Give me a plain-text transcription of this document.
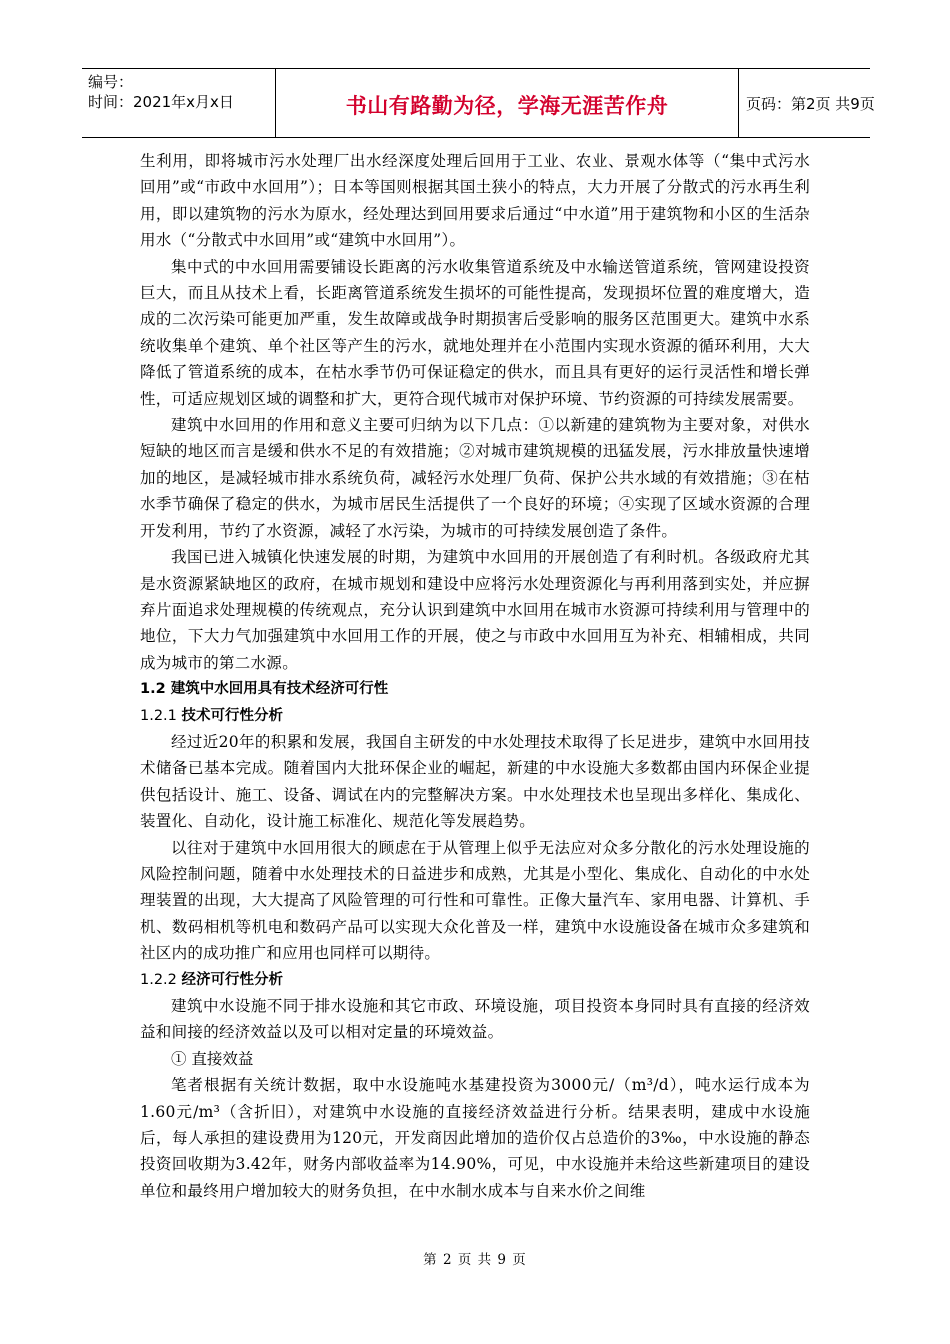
编号：
时间：2021年x月x日	书山有路勤为径，学海无涯苦作舟	页码：第2页 共9页

生利用，即将城市污水处理厂出水经深度处理后回用于工业、农业、景观水体等（“集中式污水回用”或“市政中水回用”）；日本等国则根据其国土狭小的特点，大力开展了分散式的污水再生利用，即以建筑物的污水为原水，经处理达到回用要求后通过“中水道”用于建筑物和小区的生活杂用水（“分散式中水回用”或“建筑中水回用”）。

集中式的中水回用需要铺设长距离的污水收集管道系统及中水输送管道系统，管网建设投资巨大，而且从技术上看，长距离管道系统发生损坏的可能性提高，发现损坏位置的难度增大，造成的二次污染可能更加严重，发生故障或战争时期损害后受影响的服务区范围更大。建筑中水系统收集单个建筑、单个社区等产生的污水，就地处理并在小范围内实现水资源的循环利用，大大降低了管道系统的成本，在枯水季节仍可保证稳定的供水，而且具有更好的运行灵活性和增长弹性，可适应规划区域的调整和扩大，更符合现代城市对保护环境、节约资源的可持续发展需要。

建筑中水回用的作用和意义主要可归纳为以下几点：①以新建的建筑物为主要对象，对供水短缺的地区而言是缓和供水不足的有效措施；②对城市建筑规模的迅猛发展，污水排放量快速增加的地区，是减轻城市排水系统负荷，减轻污水处理厂负荷、保护公共水域的有效措施；③在枯水季节确保了稳定的供水，为城市居民生活提供了一个良好的环境；④实现了区域水资源的合理开发利用，节约了水资源，减轻了水污染，为城市的可持续发展创造了条件。

我国已进入城镇化快速发展的时期，为建筑中水回用的开展创造了有利时机。各级政府尤其是水资源紧缺地区的政府，在城市规划和建设中应将污水处理资源化与再利用落到实处，并应摒弃片面追求处理规模的传统观点，充分认识到建筑中水回用在城市水资源可持续利用与管理中的地位，下大力气加强建筑中水回用工作的开展，使之与市政中水回用互为补充、相辅相成，共同成为城市的第二水源。

1.2 建筑中水回用具有技术经济可行性

1.2.1 技术可行性分析

经过近20年的积累和发展，我国自主研发的中水处理技术取得了长足进步，建筑中水回用技术储备已基本完成。随着国内大批环保企业的崛起，新建的中水设施大多数都由国内环保企业提供包括设计、施工、设备、调试在内的完整解决方案。中水处理技术也呈现出多样化、集成化、装置化、自动化，设计施工标准化、规范化等发展趋势。

以往对于建筑中水回用很大的顾虑在于从管理上似乎无法应对众多分散化的污水处理设施的风险控制问题，随着中水处理技术的日益进步和成熟，尤其是小型化、集成化、自动化的中水处理装置的出现，大大提高了风险管理的可行性和可靠性。正像大量汽车、家用电器、计算机、手机、数码相机等机电和数码产品可以实现大众化普及一样，建筑中水设施设备在城市众多建筑和社区内的成功推广和应用也同样可以期待。

1.2.2 经济可行性分析

建筑中水设施不同于排水设施和其它市政、环境设施，项目投资本身同时具有直接的经济效益和间接的经济效益以及可以相对定量的环境效益。

① 直接效益

笔者根据有关统计数据，取中水设施吨水基建投资为3000元/（m³/d），吨水运行成本为1.60元/m³（含折旧），对建筑中水设施的直接经济效益进行分析。结果表明，建成中水设施后，每人承担的建设费用为120元，开发商因此增加的造价仅占总造价的3‰，中水设施的静态投资回收期为3.42年，财务内部收益率为14.90%，可见，中水设施并未给这些新建项目的建设单位和最终用户增加较大的财务负担，在中水制水成本与自来水价之间维

第 2 页 共 9 页
